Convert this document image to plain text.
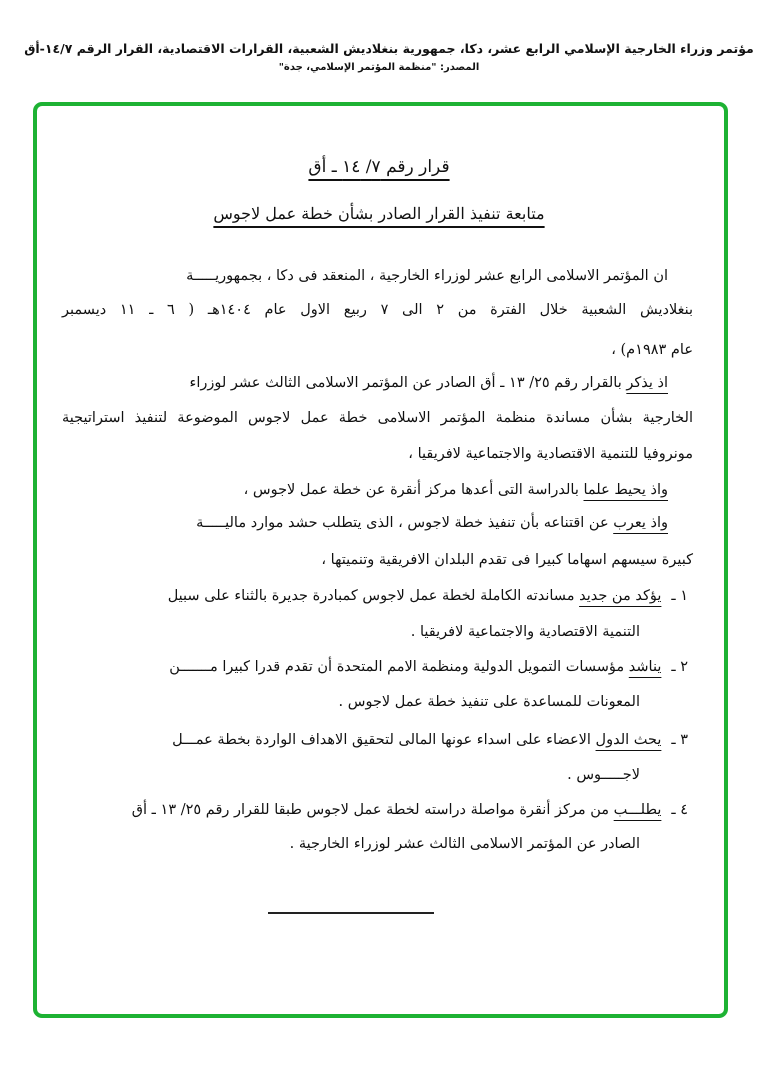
مؤتمر وزراء الخارجية الإسلامي الرابع عشر، دكا، جمهورية بنغلاديش الشعبية، القرارات الاقتصادية، القرار الرقم ١٤/٧-أق
المصدر: "منظمة المؤتمر الإسلامي، جدة"
قرار رقم ٧/ ١٤ ـ أق
متابعة تنفيذ القرار الصادر بشأن خطة عمل لاجوس
ان المؤتمر الاسلامى الرابع عشر لوزراء الخارجية ، المنعقد فى دكا ، بجمهوريـــــة
بنغلاديش الشعبية خلال الفترة من ٢ الى ٧ ربيع الاول عام ١٤٠٤هـ ( ٦ ـ ١١ ديسمبر
عام ١٩٨٣م) ،
اذ يذكر بالقرار رقم ٢٥/ ١٣ ـ أق الصادر عن المؤتمر الاسلامى الثالث عشر لوزراء
الخارجية بشأن مساندة منظمة المؤتمر الاسلامى خطة عمل لاجوس الموضوعة لتنفيذ استراتيجية
مونروفيا للتنمية الاقتصادية والاجتماعية لافريقيا ،
واذ يحيط علما بالدراسة التى أعدها مركز أنقرة عن خطة عمل لاجوس ،
واذ يعرب عن اقتناعه بأن تنفيذ خطة لاجوس ، الذى يتطلب حشد موارد ماليـــــة
كبيرة سيسهم اسهاما كبيرا فى تقدم البلدان الافريقية وتنميتها ،
١ ـ يؤكد من جديد مساندته الكاملة لخطة عمل لاجوس كمبادرة جديرة بالثناء على سبيل
التنمية الاقتصادية والاجتماعية لافريقيا .
٢ ـ يناشد مؤسسات التمويل الدولية ومنظمة الامم المتحدة أن تقدم قدرا كبيرا مـــــــن
المعونات للمساعدة على تنفيذ خطة عمل لاجوس .
٣ ـ يحث الدول الاعضاء على اسداء عونها المالى لتحقيق الاهداف الواردة بخطة عمـــل
لاجـــــوس .
٤ ـ يطلـــب من مركز أنقرة مواصلة دراسته لخطة عمل لاجوس طبقا للقرار رقم ٢٥/ ١٣ ـ أق
الصادر عن المؤتمر الاسلامى الثالث عشر لوزراء الخارجية .
